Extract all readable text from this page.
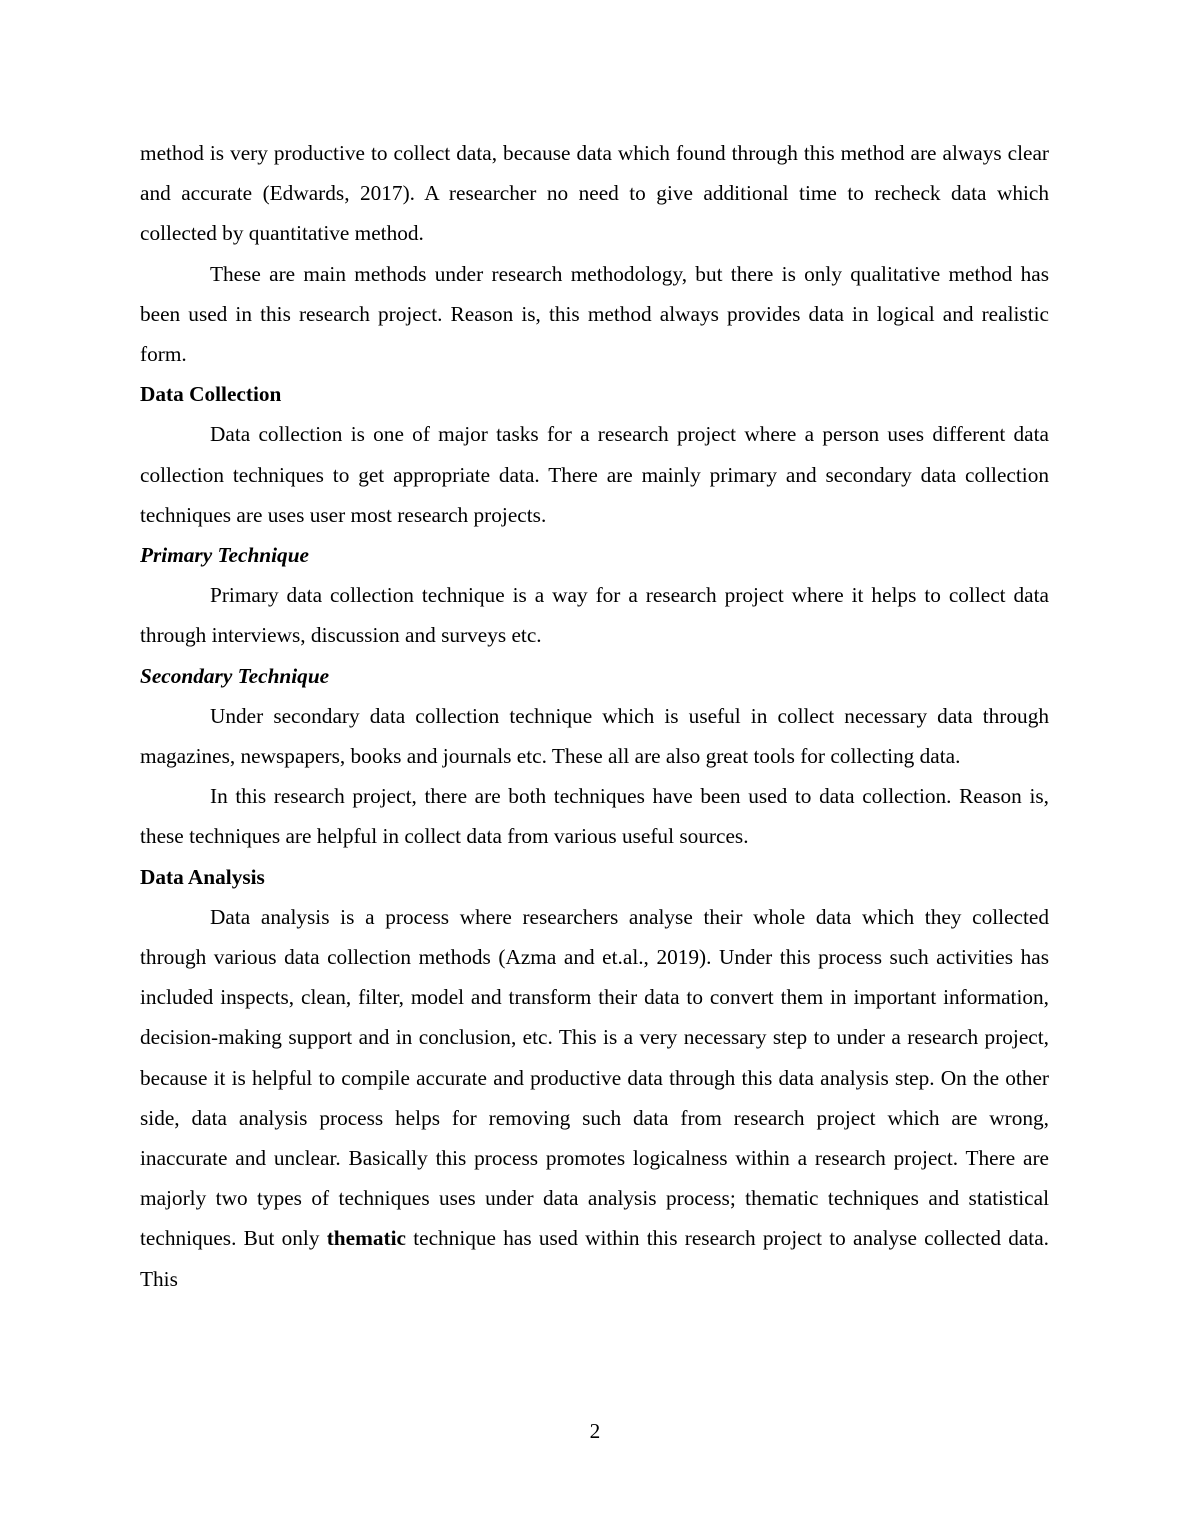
method is very productive to collect data, because data which found through this method are always clear and accurate (Edwards, 2017). A researcher no need to give additional time to recheck data which collected by quantitative method.

These are main methods under research methodology, but there is only qualitative method has been used in this research project. Reason is, this method always provides data in logical and realistic form.

Data Collection

Data collection is one of major tasks for a research project where a person uses different data collection techniques to get appropriate data. There are mainly primary and secondary data collection techniques are uses user most research projects.

Primary Technique

Primary data collection technique is a way for a research project where it helps to collect data through interviews, discussion and surveys etc.

Secondary Technique

Under secondary data collection technique which is useful in collect necessary data through magazines, newspapers, books and journals etc. These all are also great tools for collecting data.

In this research project, there are both techniques have been used to data collection. Reason is, these techniques are helpful in collect data from various useful sources.

Data Analysis

Data analysis is a process where researchers analyse their whole data which they collected through various data collection methods (Azma and et.al., 2019). Under this process such activities has included inspects, clean, filter, model and transform their data to convert them in important information, decision-making support and in conclusion, etc. This is a very necessary step to under a research project, because it is helpful to compile accurate and productive data through this data analysis step. On the other side, data analysis process helps for removing such data from research project which are wrong, inaccurate and unclear. Basically this process promotes logicalness within a research project. There are majorly two types of techniques uses under data analysis process; thematic techniques and statistical techniques. But only thematic technique has used within this research project to analyse collected data. This

2
